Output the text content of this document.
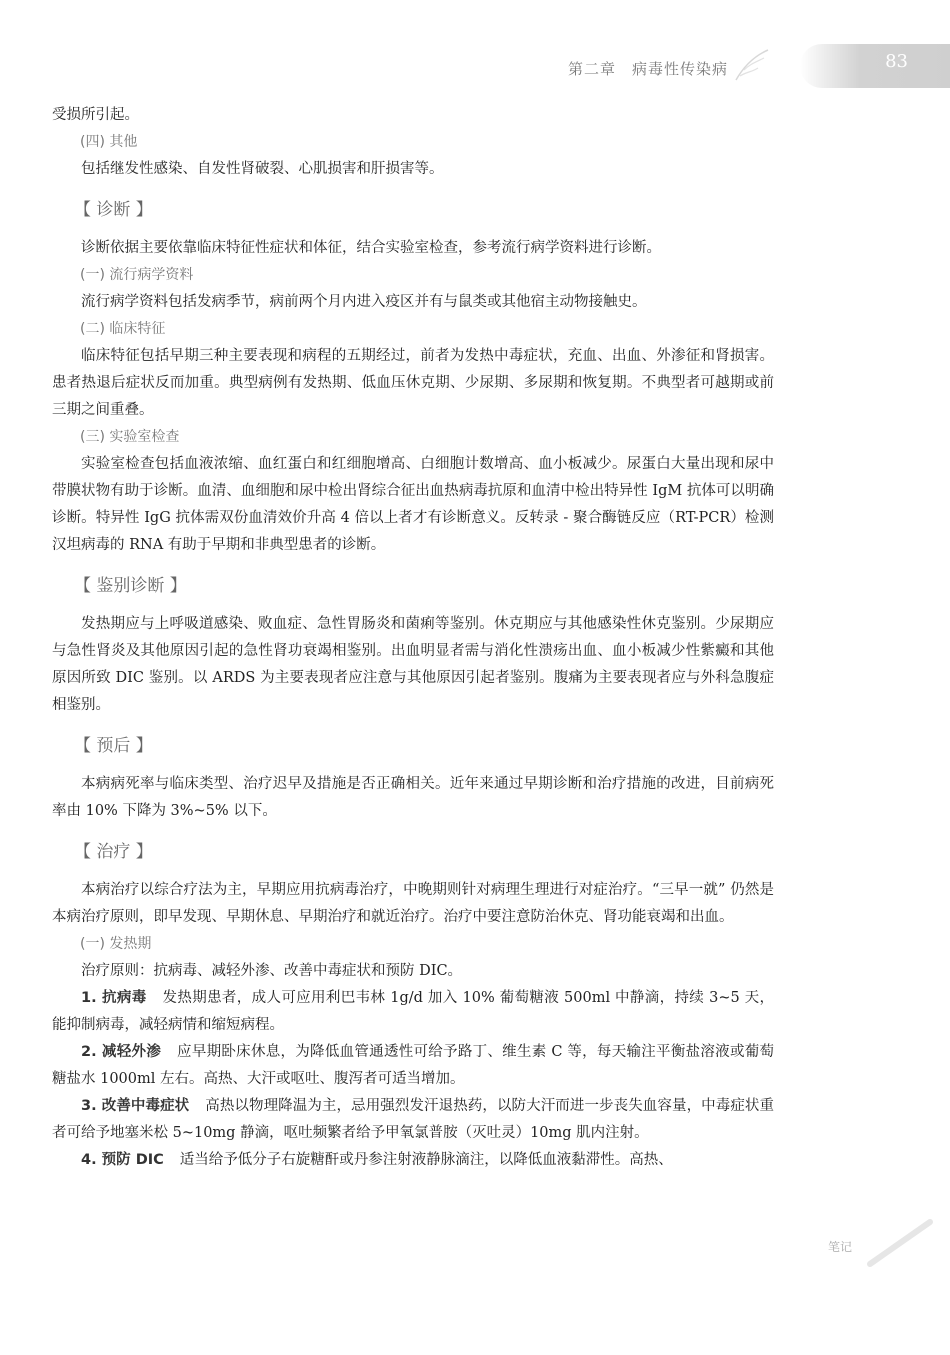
第二章　病毒性传染病	83

受损所引起。

(四) 其他

包括继发性感染、自发性肾破裂、心肌损害和肝损害等。

【 诊断 】

诊断依据主要依靠临床特征性症状和体征，结合实验室检查，参考流行病学资料进行诊断。

(一) 流行病学资料

流行病学资料包括发病季节，病前两个月内进入疫区并有与鼠类或其他宿主动物接触史。

(二) 临床特征

临床特征包括早期三种主要表现和病程的五期经过，前者为发热中毒症状，充血、出血、外渗征和肾损害。患者热退后症状反而加重。典型病例有发热期、低血压休克期、少尿期、多尿期和恢复期。不典型者可越期或前三期之间重叠。

(三) 实验室检查

实验室检查包括血液浓缩、血红蛋白和红细胞增高、白细胞计数增高、血小板减少。尿蛋白大量出现和尿中带膜状物有助于诊断。血清、血细胞和尿中检出肾综合征出血热病毒抗原和血清中检出特异性 IgM 抗体可以明确诊断。特异性 IgG 抗体需双份血清效价升高 4 倍以上者才有诊断意义。反转录 - 聚合酶链反应（RT-PCR）检测汉坦病毒的 RNA 有助于早期和非典型患者的诊断。

【 鉴别诊断 】

发热期应与上呼吸道感染、败血症、急性胃肠炎和菌痢等鉴别。休克期应与其他感染性休克鉴别。少尿期应与急性肾炎及其他原因引起的急性肾功衰竭相鉴别。出血明显者需与消化性溃疡出血、血小板减少性紫癜和其他原因所致 DIC 鉴别。以 ARDS 为主要表现者应注意与其他原因引起者鉴别。腹痛为主要表现者应与外科急腹症相鉴别。

【 预后 】

本病病死率与临床类型、治疗迟早及措施是否正确相关。近年来通过早期诊断和治疗措施的改进，目前病死率由 10% 下降为 3%~5% 以下。

【 治疗 】

本病治疗以综合疗法为主，早期应用抗病毒治疗，中晚期则针对病理生理进行对症治疗。“三早一就” 仍然是本病治疗原则，即早发现、早期休息、早期治疗和就近治疗。治疗中要注意防治休克、肾功能衰竭和出血。

(一) 发热期

治疗原则：抗病毒、减轻外渗、改善中毒症状和预防 DIC。

1. 抗病毒 发热期患者，成人可应用利巴韦林 1g/d 加入 10% 葡萄糖液 500ml 中静滴，持续 3~5 天，能抑制病毒，减轻病情和缩短病程。

2. 减轻外渗 应早期卧床休息，为降低血管通透性可给予路丁、维生素 C 等，每天输注平衡盐溶液或葡萄糖盐水 1000ml 左右。高热、大汗或呕吐、腹泻者可适当增加。

3. 改善中毒症状 高热以物理降温为主，忌用强烈发汗退热药，以防大汗而进一步丧失血容量，中毒症状重者可给予地塞米松 5~10mg 静滴，呕吐频繁者给予甲氧氯普胺（灭吐灵）10mg 肌内注射。

4. 预防 DIC 适当给予低分子右旋糖酐或丹参注射液静脉滴注，以降低血液黏滞性。高热、

笔记
